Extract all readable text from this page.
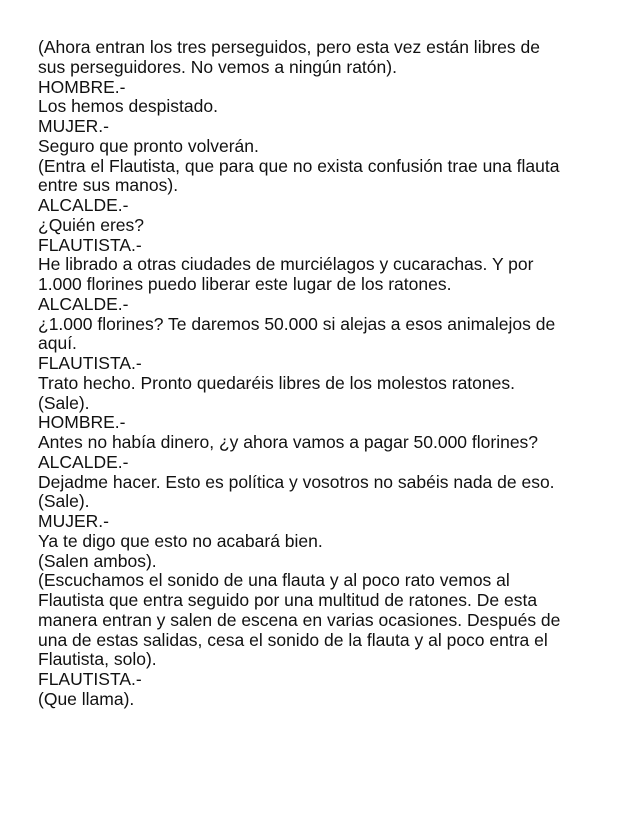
(Ahora entran los tres perseguidos, pero esta vez están libres de

sus perseguidores. No vemos a ningún ratón).

HOMBRE.-

Los hemos despistado.

MUJER.-

Seguro que pronto volverán.

(Entra el Flautista, que para que no exista confusión trae una flauta

entre sus manos).

ALCALDE.-

¿Quién eres?

FLAUTISTA.-

He librado a otras ciudades de murciélagos y cucarachas. Y por

1.000 florines puedo liberar este lugar de los ratones.

ALCALDE.-

¿1.000 florines? Te daremos 50.000 si alejas a esos animalejos de

aquí.

FLAUTISTA.-

Trato hecho. Pronto quedaréis libres de los molestos ratones.

(Sale).

HOMBRE.-

Antes no había dinero, ¿y ahora vamos a pagar 50.000 florines?

ALCALDE.-

Dejadme hacer. Esto es política y vosotros no sabéis nada de eso.

(Sale).

MUJER.-

Ya te digo que esto no acabará bien.

(Salen ambos).

(Escuchamos el sonido de una flauta y al poco rato vemos al

Flautista que entra seguido por una multitud de ratones. De esta

manera entran y salen de escena en varias ocasiones. Después de

una de estas salidas, cesa el sonido de la flauta y al poco entra el

Flautista, solo).

FLAUTISTA.-

(Que llama).
